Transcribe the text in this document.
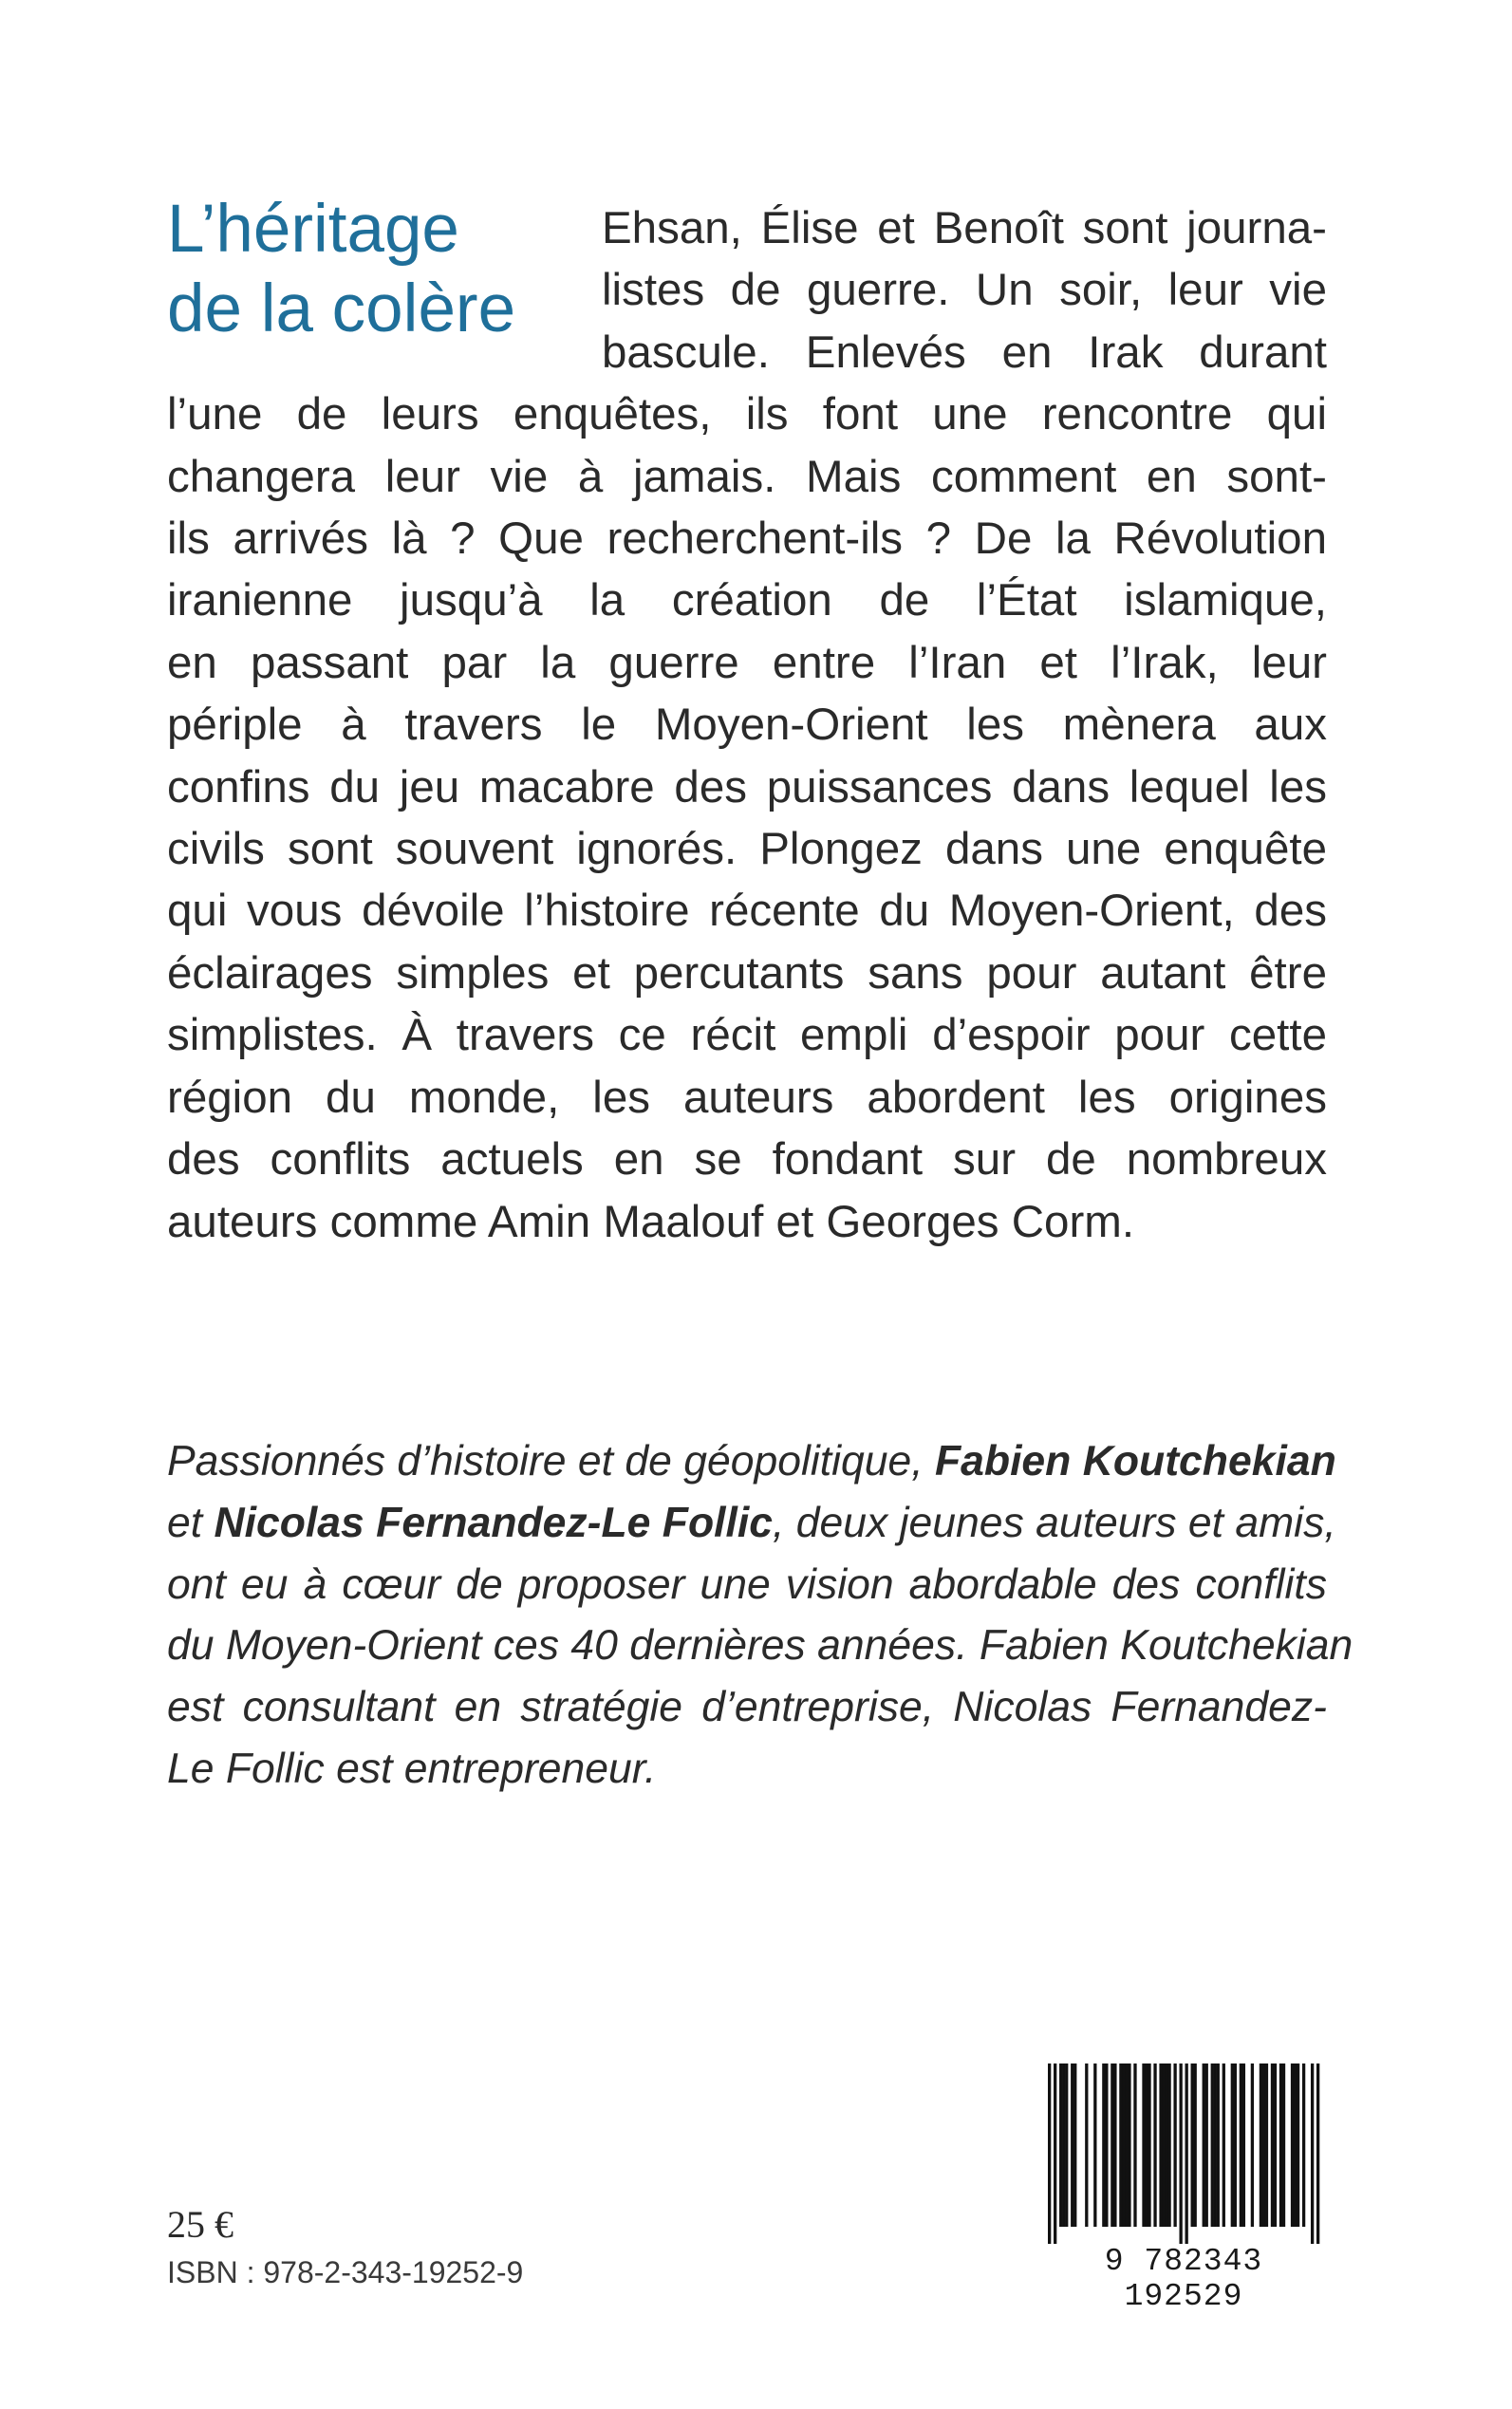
L’héritage
de la colère

Ehsan, Élise et Benoît sont journa-
listes de guerre. Un soir, leur vie
bascule. Enlevés en Irak durant
l’une de leurs enquêtes, ils font une rencontre qui
changera leur vie à jamais. Mais comment en sont-
ils arrivés là ? Que recherchent-ils ? De la Révolution
iranienne jusqu’à la création de l’État islamique,
en passant par la guerre entre l’Iran et l’Irak, leur
périple à travers le Moyen-Orient les mènera aux
confins du jeu macabre des puissances dans lequel les
civils sont souvent ignorés. Plongez dans une enquête
qui vous dévoile l’histoire récente du Moyen-Orient, des
éclairages simples et percutants sans pour autant être
simplistes. À travers ce récit empli d’espoir pour cette
région du monde, les auteurs abordent les origines
des conflits actuels en se fondant sur de nombreux
auteurs comme Amin Maalouf et Georges Corm.

Passionnés d’histoire et de géopolitique, Fabien Koutchekian
et Nicolas Fernandez-Le Follic, deux jeunes auteurs et amis,
ont eu à cœur de proposer une vision abordable des conflits
du Moyen-Orient ces 40 dernières années. Fabien Koutchekian
est consultant en stratégie d’entreprise, Nicolas Fernandez-
Le Follic est entrepreneur.

25 €

ISBN : 978-2-343-19252-9	9 782343 192529
